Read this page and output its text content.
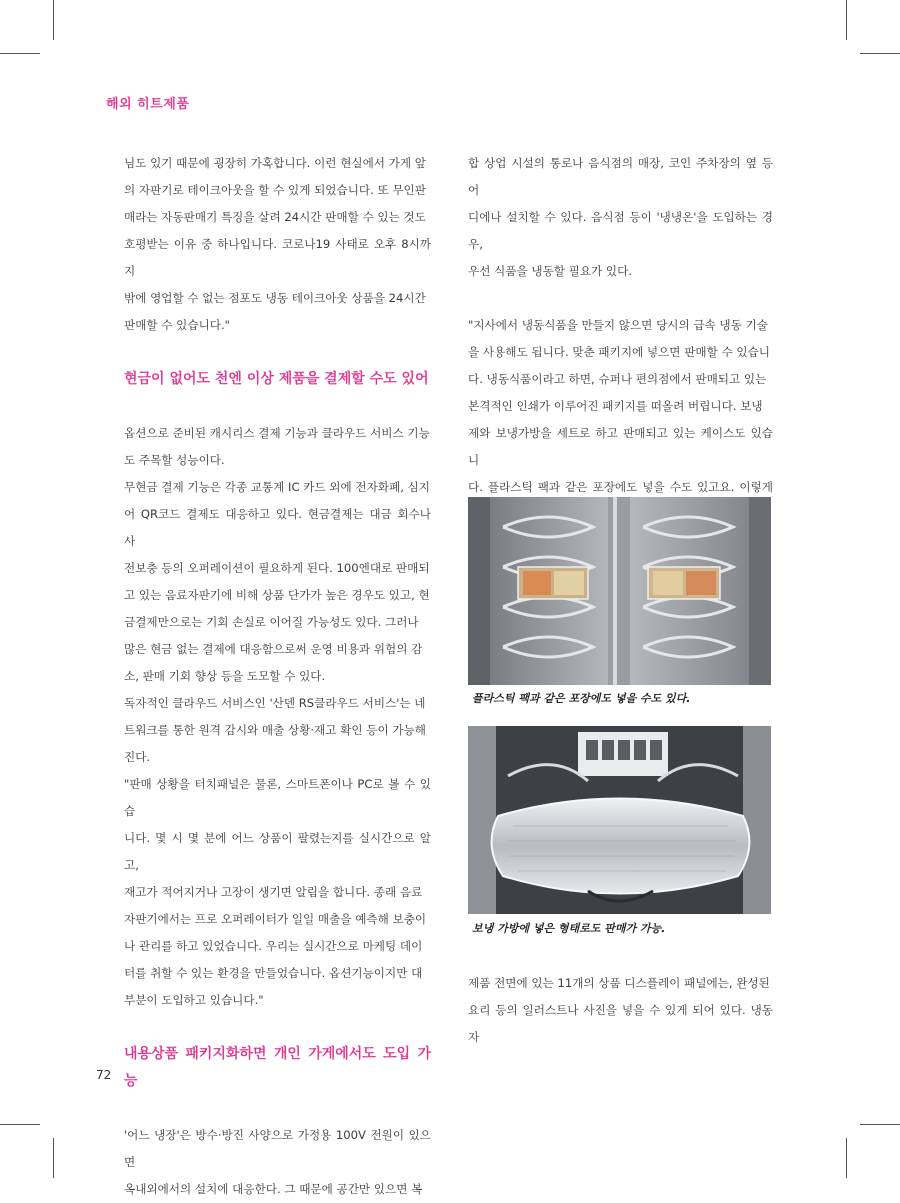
해외 히트제품

님도 있기 때문에 굉장히 가혹합니다. 이런 현실에서 가게 앞

의 자판기로 테이크아웃을 할 수 있게 되었습니다. 또 무인판

매라는 자동판매기 특징을 살려 24시간 판매할 수 있는 것도

호평받는 이유 중 하나입니다. 코로나19 사태로 오후 8시까지

밖에 영업할 수 없는 점포도 냉동 테이크아웃 상품을 24시간

판매할 수 있습니다."

현금이 없어도 천엔 이상 제품을 결제할 수도 있어

옵션으로 준비된 캐시리스 결제 기능과 클라우드 서비스 기능

도 주목할 성능이다.

무현금 결제 기능은 각종 교통계 IC 카드 외에 전자화폐, 심지

어 QR코드 결제도 대응하고 있다. 현금결제는 대금 회수나 사

전보충 등의 오퍼레이션이 필요하게 된다. 100엔대로 판매되

고 있는 음료자판기에 비해 상품 단가가 높은 경우도 있고, 현

금결제만으로는 기회 손실로 이어질 가능성도 있다. 그러나

많은 현금 없는 결제에 대응함으로써 운영 비용과 위험의 감

소, 판매 기회 향상 등을 도모할 수 있다.

독자적인 클라우드 서비스인 '산덴 RS클라우드 서비스'는 네

트워크를 통한 원격 감시와 매출 상황·재고 확인 등이 가능해

진다.

"판매 상황을 터치패널은 물론, 스마트폰이나 PC로 볼 수 있습

니다. 몇 시 몇 분에 어느 상품이 팔렸는지를 실시간으로 알고,

재고가 적어지거나 고장이 생기면 알림을 합니다. 종래 음료

자판기에서는 프로 오퍼레이터가 일일 매출을 예측해 보충이

나 관리를 하고 있었습니다. 우리는 실시간으로 마케팅 데이

터를 취할 수 있는 환경을 만들었습니다. 옵션기능이지만 대

부분이 도입하고 있습니다."

내용상품 패키지화하면 개인 가게에서도 도입 가능

'어느 냉장'은 방수·방진 사양으로 가정용 100V 전원이 있으면

옥내외에서의 설치에 대응한다. 그 때문에 공간만 있으면 복

합 상업 시설의 통로나 음식점의 매장, 코인 주차장의 옆 등 어

디에나 설치할 수 있다. 음식점 등이 '냉냉온'을 도입하는 경우,

우선 식품을 냉동할 필요가 있다.

"지사에서 냉동식품을 만들지 않으면 당시의 급속 냉동 기술

을 사용해도 됩니다. 맞춘 패키지에 넣으면 판매할 수 있습니

다. 냉동식품이라고 하면, 슈퍼나 편의점에서 판매되고 있는

본격적인 인쇄가 이루어진 패키지를 떠올려 버립니다. 보냉

제와 보냉가방을 세트로 하고 판매되고 있는 케이스도 있습니

다. 플라스틱 팩과 같은 포장에도 넣을 수도 있고요. 이렇게

플라스틱 팩과 같은 포장에도 넣을 수도 있다.
보냉 가방에 넣은 형태로도 판매가 가능.

제품 전면에 있는 11개의 상품 디스플레이 패널에는, 완성된

요리 등의 일러스트나 사진을 넣을 수 있게 되어 있다. 냉동자

72
